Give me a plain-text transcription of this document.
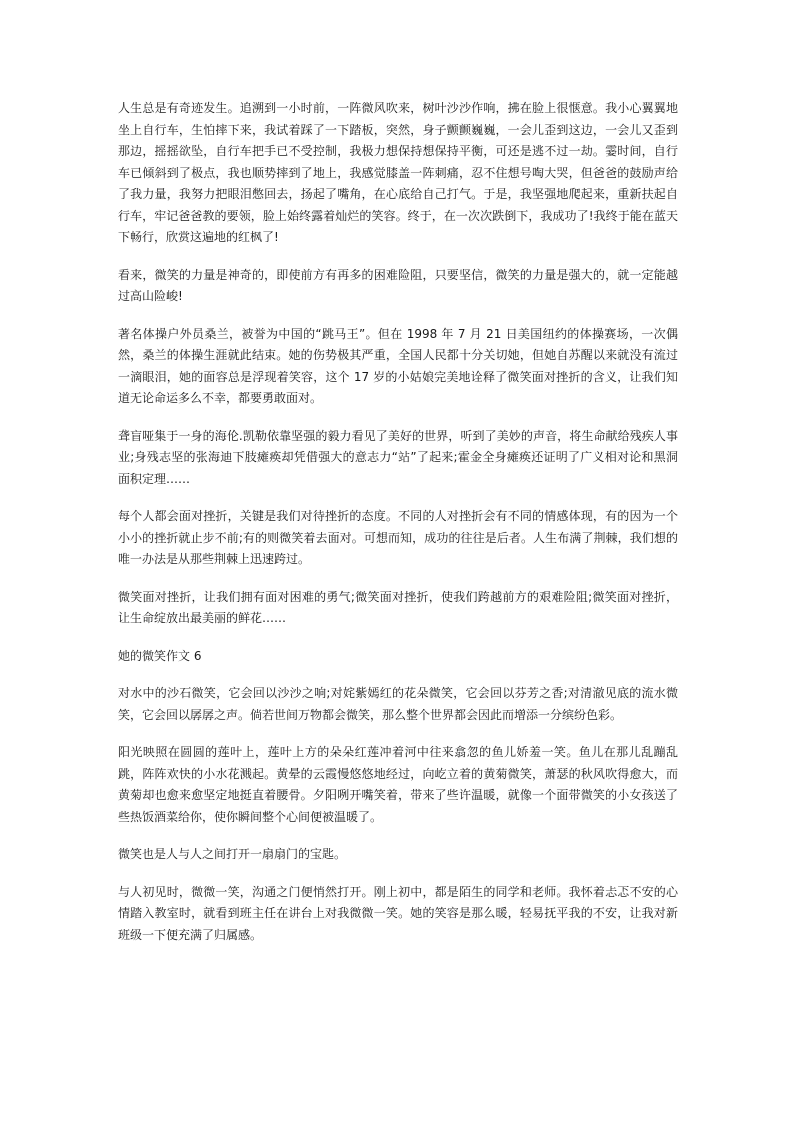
人生总是有奇迹发生。追溯到一小时前，一阵微风吹来，树叶沙沙作响，拂在脸上很惬意。我小心翼翼地坐上自行车，生怕摔下来，我试着踩了一下踏板，突然，身子颤颤巍巍，一会儿歪到这边，一会儿又歪到那边，摇摇欲坠，自行车把手已不受控制，我极力想保持想保持平衡，可还是逃不过一劫。霎时间，自行车已倾斜到了极点，我也顺势摔到了地上，我感觉膝盖一阵刺痛，忍不住想号啕大哭，但爸爸的鼓励声给了我力量，我努力把眼泪憋回去，扬起了嘴角，在心底给自己打气。于是，我坚强地爬起来，重新扶起自行车，牢记爸爸教的要领，脸上始终露着灿烂的笑容。终于，在一次次跌倒下，我成功了!我终于能在蓝天下畅行，欣赏这遍地的红枫了!

看来，微笑的力量是神奇的，即使前方有再多的困难险阻，只要坚信，微笑的力量是强大的，就一定能越过高山险峻!

著名体操户外员桑兰，被誉为中国的“跳马王”。但在 1998 年 7 月 21 日美国纽约的体操赛场，一次偶然，桑兰的体操生涯就此结束。她的伤势极其严重，全国人民都十分关切她，但她自苏醒以来就没有流过一滴眼泪，她的面容总是浮现着笑容，这个 17 岁的小姑娘完美地诠释了微笑面对挫折的含义，让我们知道无论命运多么不幸，都要勇敢面对。

聋盲哑集于一身的海伦.凯勒依靠坚强的毅力看见了美好的世界，听到了美妙的声音，将生命献给残疾人事业;身残志坚的张海迪下肢瘫痪却凭借强大的意志力“站”了起来;霍金全身瘫痪还证明了广义相对论和黑洞面积定理……

每个人都会面对挫折，关键是我们对待挫折的态度。不同的人对挫折会有不同的情感体现，有的因为一个小小的挫折就止步不前;有的则微笑着去面对。可想而知，成功的往往是后者。人生布满了荆棘，我们想的唯一办法是从那些荆棘上迅速跨过。

微笑面对挫折，让我们拥有面对困难的勇气;微笑面对挫折，使我们跨越前方的艰难险阻;微笑面对挫折，让生命绽放出最美丽的鲜花……

她的微笑作文 6

对水中的沙石微笑，它会回以沙沙之响;对姹紫嫣红的花朵微笑，它会回以芬芳之香;对清澈见底的流水微笑，它会回以孱孱之声。倘若世间万物都会微笑，那么整个世界都会因此而增添一分缤纷色彩。

阳光映照在圆圆的莲叶上，莲叶上方的朵朵红莲冲着河中往来翕忽的鱼儿娇羞一笑。鱼儿在那儿乱蹦乱跳，阵阵欢快的小水花溅起。黄晕的云霞慢悠悠地经过，向屹立着的黄菊微笑，萧瑟的秋风吹得愈大，而黄菊却也愈来愈坚定地挺直着腰骨。夕阳咧开嘴笑着，带来了些许温暖，就像一个面带微笑的小女孩送了些热饭酒菜给你，使你瞬间整个心间便被温暖了。

微笑也是人与人之间打开一扇扇门的宝匙。

与人初见时，微微一笑，沟通之门便悄然打开。刚上初中，都是陌生的同学和老师。我怀着忐忑不安的心情踏入教室时，就看到班主任在讲台上对我微微一笑。她的笑容是那么暖，轻易抚平我的不安，让我对新班级一下便充满了归属感。
